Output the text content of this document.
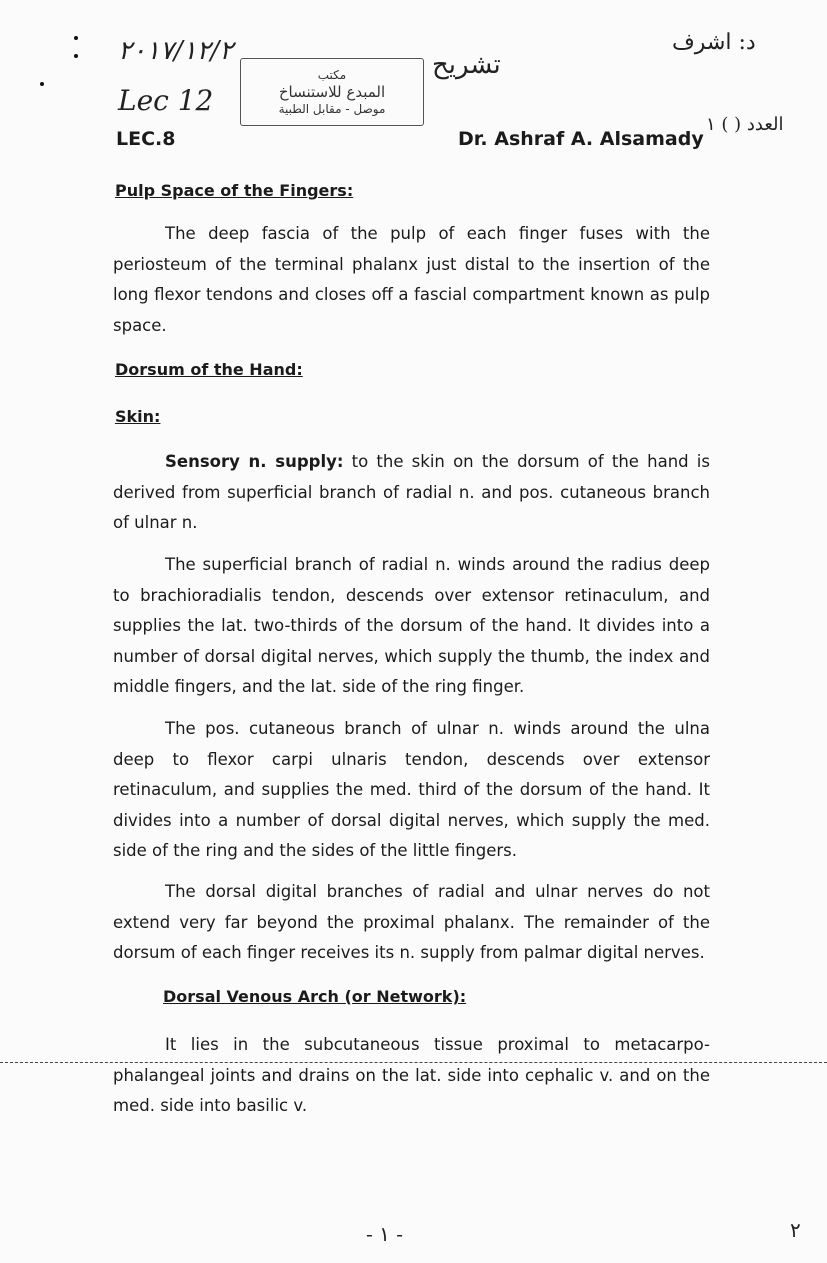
٢٠١٧/١٢/٢
Lec 12
تشريح
د: اشرف
العدد ( ) ١
مكتب
المبدع للاستنساخ
موصل - مقابل الطبية
LEC.8	Dr. Ashraf A. Alsamady
Pulp Space of the Fingers:

The deep fascia of the pulp of each finger fuses with the periosteum of the terminal phalanx just distal to the insertion of the long flexor tendons and closes off a fascial compartment known as pulp space.

Dorsum of the Hand:
Skin:

Sensory n. supply: to the skin on the dorsum of the hand is derived from superficial branch of radial n. and pos. cutaneous branch of ulnar n.

The superficial branch of radial n. winds around the radius deep to brachioradialis tendon, descends over extensor retinaculum, and supplies the lat. two-thirds of the dorsum of the hand. It divides into a number of dorsal digital nerves, which supply the thumb, the index and middle fingers, and the lat. side of the ring finger.

The pos. cutaneous branch of ulnar n. winds around the ulna deep to flexor carpi ulnaris tendon, descends over extensor retinaculum, and supplies the med. third of the dorsum of the hand. It divides into a number of dorsal digital nerves, which supply the med. side of the ring and the sides of the little fingers.

The dorsal digital branches of radial and ulnar nerves do not extend very far beyond the proximal phalanx. The remainder of the dorsum of each finger receives its n. supply from palmar digital nerves.

Dorsal Venous Arch (or Network):

It lies in the subcutaneous tissue proximal to metacarpo-phalangeal joints and drains on the lat. side into cephalic v. and on the med. side into basilic v.

- ١ -	٢
